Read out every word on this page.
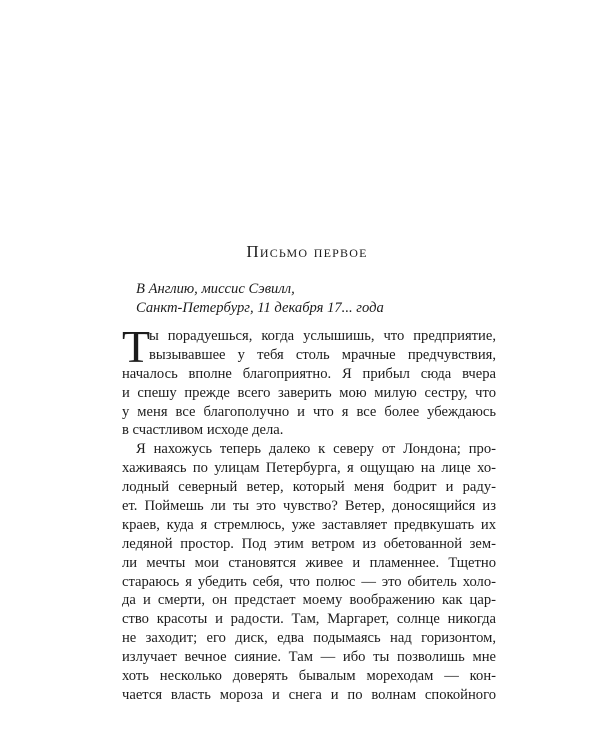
Письмо первое
В Англию, миссис Сэвилл,
Санкт-Петербург, 11 декабря 17... года
Т
ы порадуешься, когда услышишь, что предприятие,
вызывавшее у тебя столь мрачные предчувствия,
началось вполне благоприятно. Я прибыл сюда вчера
и спешу прежде всего заверить мою милую сестру, что
у меня все благополучно и что я все более убеждаюсь
в счастливом исходе дела.
Я нахожусь теперь далеко к северу от Лондона; про-
хаживаясь по улицам Петербурга, я ощущаю на лице хо-
лодный северный ветер, который меня бодрит и раду-
ет. Поймешь ли ты это чувство? Ветер, доносящийся из
краев, куда я стремлюсь, уже заставляет предвкушать их
ледяной простор. Под этим ветром из обетованной зем-
ли мечты мои становятся живее и пламеннее. Тщетно
стараюсь я убедить себя, что полюс — это обитель холо-
да и смерти, он предстает моему воображению как цар-
ство красоты и радости. Там, Маргарет, солнце никогда
не заходит; его диск, едва подымаясь над горизонтом,
излучает вечное сияние. Там — ибо ты позволишь мне
хоть несколько доверять бывалым мореходам — кон-
чается власть мороза и снега и по волнам спокойного
